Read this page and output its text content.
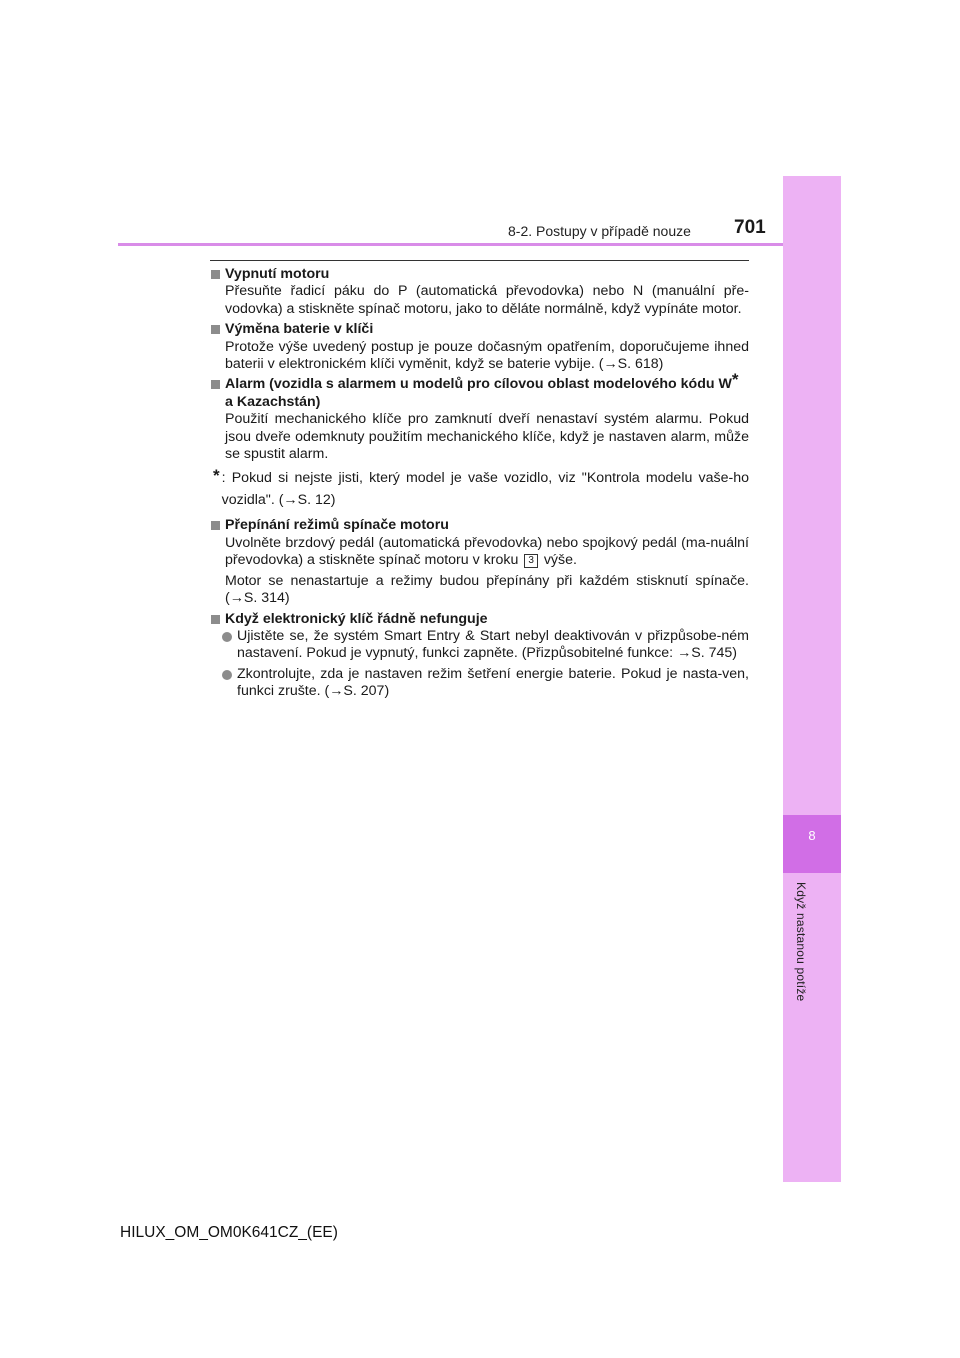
8
Když nastanou potíže
8-2. Postupy v případě nouze 701
Vypnutí motoru
Přesuňte řadicí páku do P (automatická převodovka) nebo N (manuální pře-vodovka) a stiskněte spínač motoru, jako to děláte normálně, když vypínáte motor.
Výměna baterie v klíči
Protože výše uvedený postup je pouze dočasným opatřením, doporučujeme ihned baterii v elektronickém klíči vyměnit, když se baterie vybije. (→S. 618)
Alarm (vozidla s alarmem u modelů pro cílovou oblast modelového kódu W* a Kazachstán)
Použití mechanického klíče pro zamknutí dveří nenastaví systém alarmu. Pokud jsou dveře odemknuty použitím mechanického klíče, když je nastaven alarm, může se spustit alarm.
* : Pokud si nejste jisti, který model je vaše vozidlo, viz "Kontrola modelu vaše-ho vozidla". (→S. 12)
Přepínání režimů spínače motoru
Uvolněte brzdový pedál (automatická převodovka) nebo spojkový pedál (ma-nuální převodovka) a stiskněte spínač motoru v kroku 3 výše.
Motor se nenastartuje a režimy budou přepínány při každém stisknutí spínače. (→S. 314)
Když elektronický klíč řádně nefunguje
Ujistěte se, že systém Smart Entry & Start nebyl deaktivován v přizpůsobe-ném nastavení. Pokud je vypnutý, funkci zapněte. (Přizpůsobitelné funkce: →S. 745)
Zkontrolujte, zda je nastaven režim šetření energie baterie. Pokud je nasta-ven, funkci zrušte. (→S. 207)
HILUX_OM_OM0K641CZ_(EE)
